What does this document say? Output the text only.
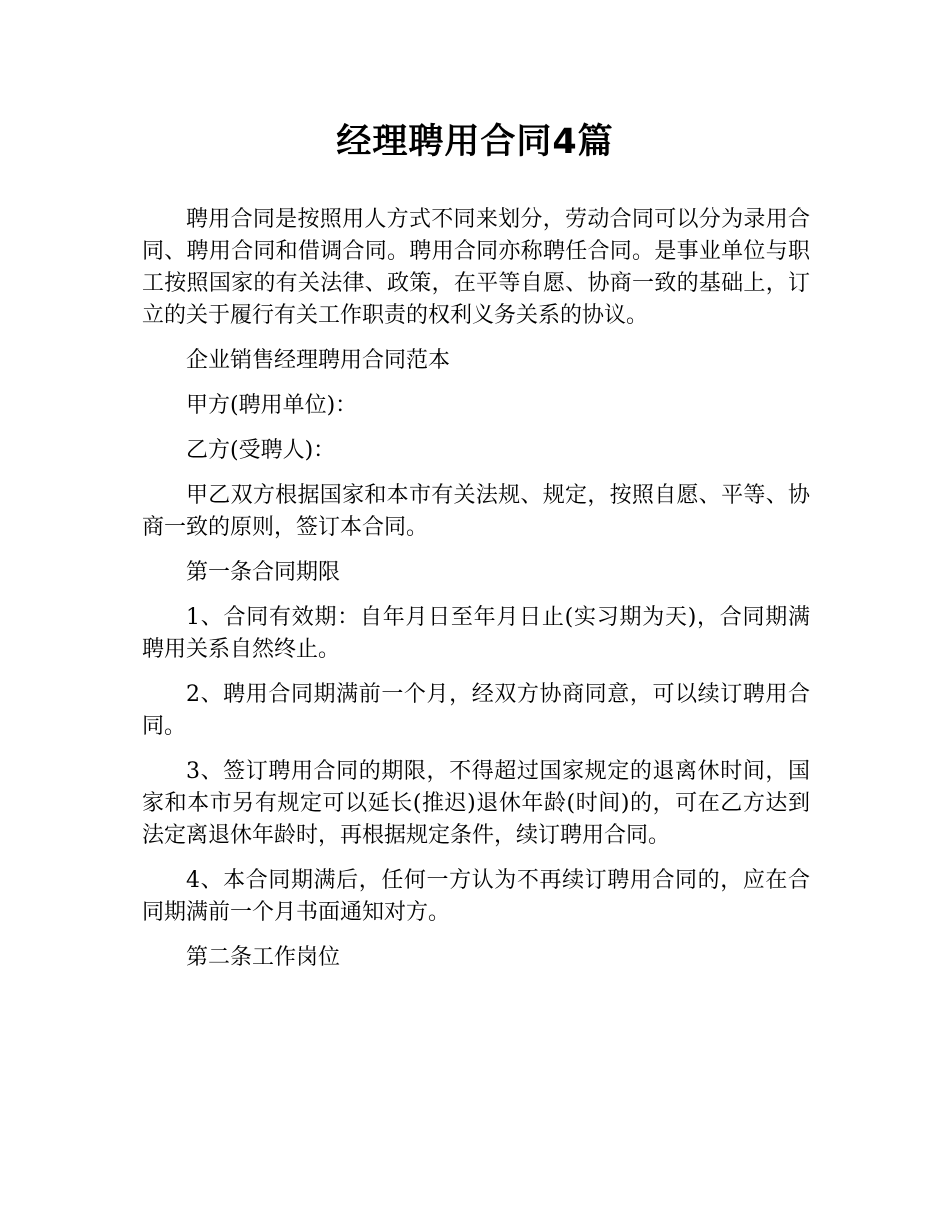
经理聘用合同4篇

聘用合同是按照用人方式不同来划分，劳动合同可以分为录用合同、聘用合同和借调合同。聘用合同亦称聘任合同。是事业单位与职工按照国家的有关法律、政策，在平等自愿、协商一致的基础上，订立的关于履行有关工作职责的权利义务关系的协议。

企业销售经理聘用合同范本

甲方(聘用单位)：

乙方(受聘人)：

甲乙双方根据国家和本市有关法规、规定，按照自愿、平等、协商一致的原则，签订本合同。

第一条合同期限

1、合同有效期：自年月日至年月日止(实习期为天)，合同期满聘用关系自然终止。

2、聘用合同期满前一个月，经双方协商同意，可以续订聘用合同。

3、签订聘用合同的期限，不得超过国家规定的退离休时间，国家和本市另有规定可以延长(推迟)退休年龄(时间)的，可在乙方达到法定离退休年龄时，再根据规定条件，续订聘用合同。

4、本合同期满后，任何一方认为不再续订聘用合同的，应在合同期满前一个月书面通知对方。

第二条工作岗位
